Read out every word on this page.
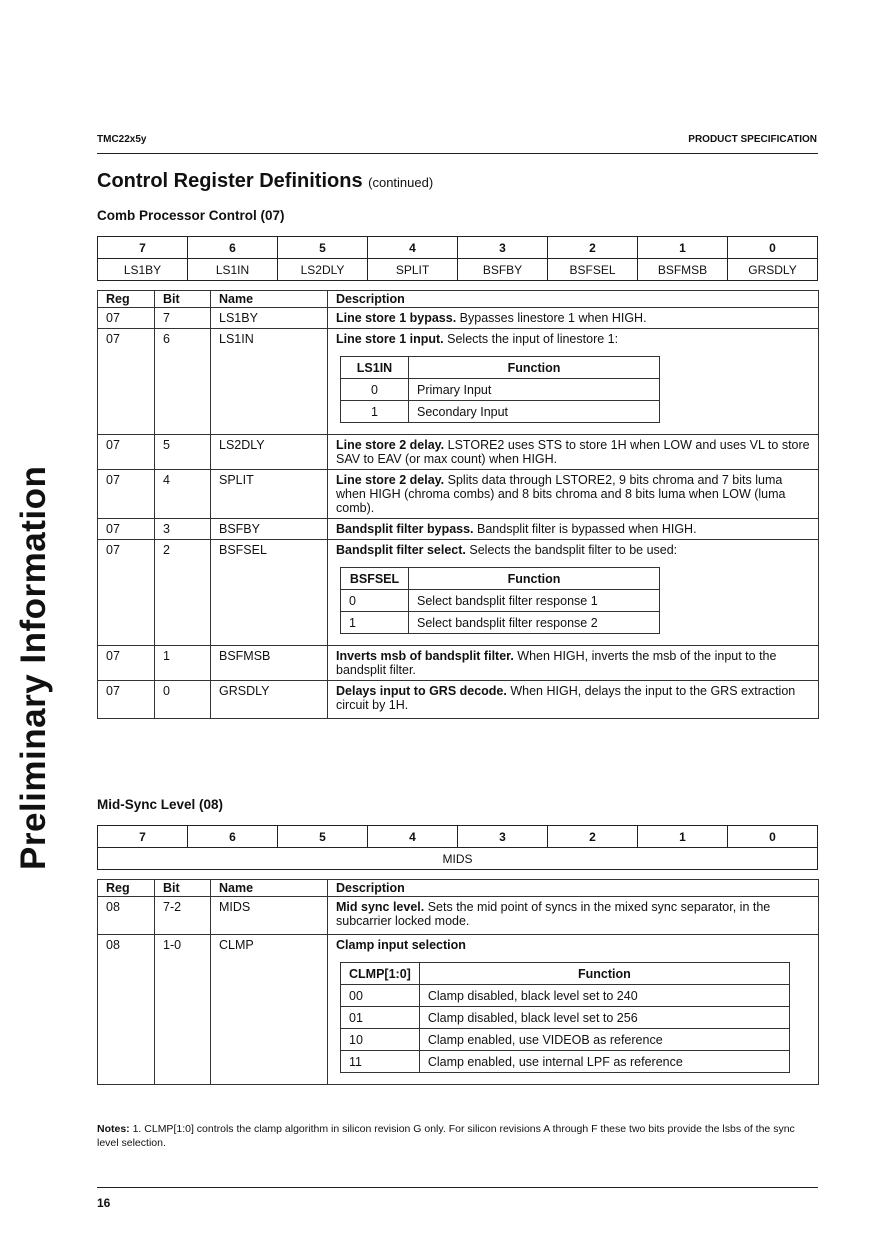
TMC22x5y	PRODUCT SPECIFICATION
Preliminary Information
Control Register Definitions (continued)
Comb Processor Control (07)
7	6	5	4	3	2	1	0
LS1BY	LS1IN	LS2DLY	SPLIT	BSFBY	BSFSEL	BSFMSB	GRSDLY
Reg	Bit	Name	Description
07	7	LS1BY	Line store 1 bypass. Bypasses linestore 1 when HIGH.
07	6	LS1IN	Line store 1 input. Selects the input of linestore 1:
LS1IN	Function
0	Primary Input
1	Secondary Input

07	5	LS2DLY	Line store 2 delay. LSTORE2 uses STS to store 1H when LOW and uses VL to store SAV to EAV (or max count) when HIGH.
07	4	SPLIT	Line store 2 delay. Splits data through LSTORE2, 9 bits chroma and 7 bits luma when HIGH (chroma combs) and 8 bits chroma and 8 bits luma when LOW (luma comb).
07	3	BSFBY	Bandsplit filter bypass. Bandsplit filter is bypassed when HIGH.
07	2	BSFSEL	Bandsplit filter select. Selects the bandsplit filter to be used:
BSFSEL	Function
0	Select bandsplit filter response 1
1	Select bandsplit filter response 2

07	1	BSFMSB	Inverts msb of bandsplit filter. When HIGH, inverts the msb of the input to the bandsplit filter.
07	0	GRSDLY	Delays input to GRS decode. When HIGH, delays the input to the GRS extraction circuit by 1H.
Mid-Sync Level (08)
7	6	5	4	3	2	1	0
MIDS
Reg	Bit	Name	Description
08	7-2	MIDS	Mid sync level. Sets the mid point of syncs in the mixed sync separator, in the subcarrier locked mode.
08	1-0	CLMP	Clamp input selection
CLMP[1:0]	Function
00	Clamp disabled, black level set to 240
01	Clamp disabled, black level set to 256
10	Clamp enabled, use VIDEOB as reference
11	Clamp enabled, use internal LPF as reference
Notes: 1. CLMP[1:0] controls the clamp algorithm in silicon revision G only. For silicon revisions A through F these two bits provide the lsbs of the sync level selection.
16
